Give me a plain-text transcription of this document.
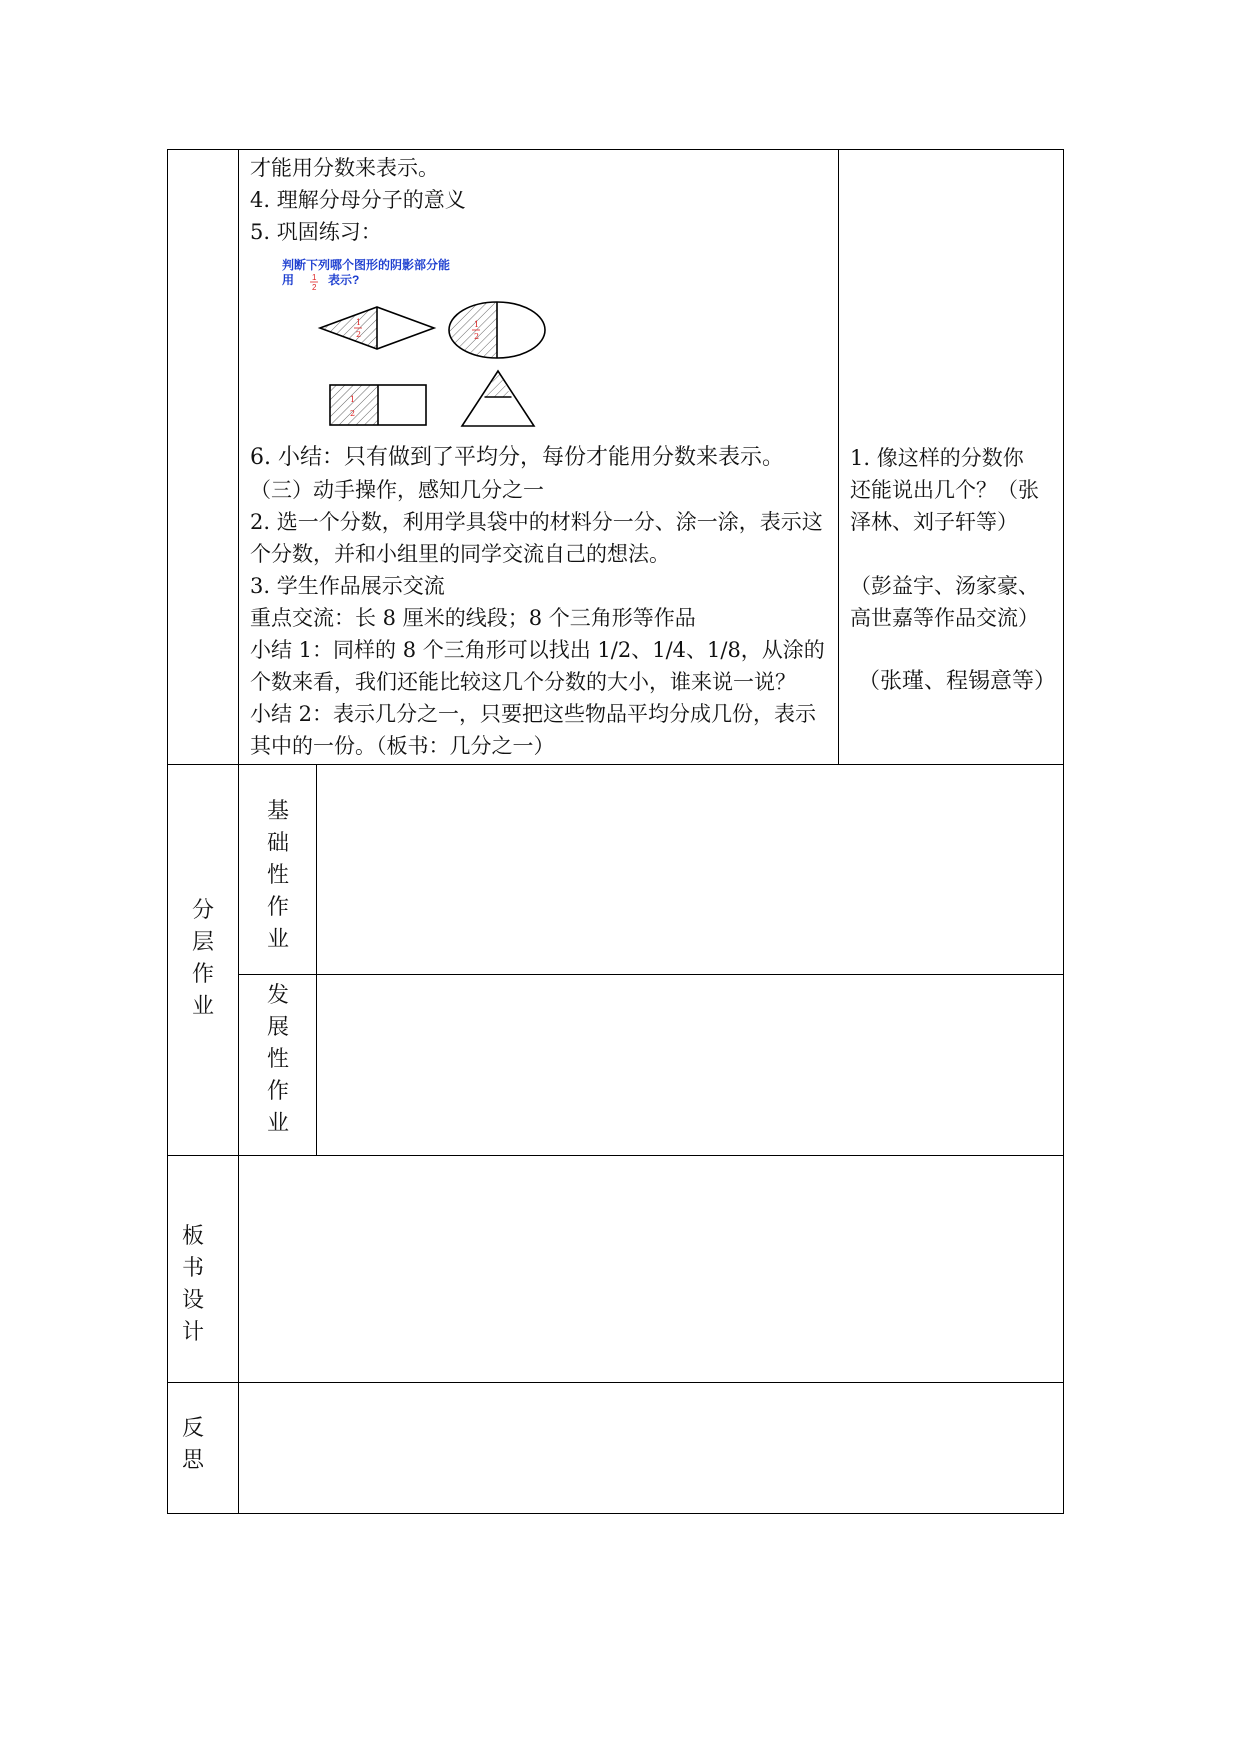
才能用分数来表示。
4. 理解分母分子的意义
5. 巩固练习：
判断下列哪个图形的阴影部分能
用 1
2
表示?
1
2
1
2
1
2
6. 小结：只有做到了平均分，每份才能用分数来表示。
（三）动手操作，感知几分之一
2. 选一个分数，利用学具袋中的材料分一分、涂一涂，表示这
个分数，并和小组里的同学交流自己的想法。
3. 学生作品展示交流
重点交流：长 8 厘米的线段；8 个三角形等作品
小结 1：同样的 8 个三角形可以找出 1/2、1/4、1/8，从涂的
个数来看，我们还能比较这几个分数的大小，谁来说一说？
小结 2：表示几分之一，只要把这些物品平均分成几份，表示
其中的一份。（板书：几分之一）
1. 像这样的分数你
还能说出几个？（张
泽林、刘子轩等）
（彭益宇、汤家豪、
高世嘉等作品交流）
（张瑾、程锡意等）
分
层
作
业
基
础
性
作
业
发
展
性
作
业
板
书
设
计
反
思
